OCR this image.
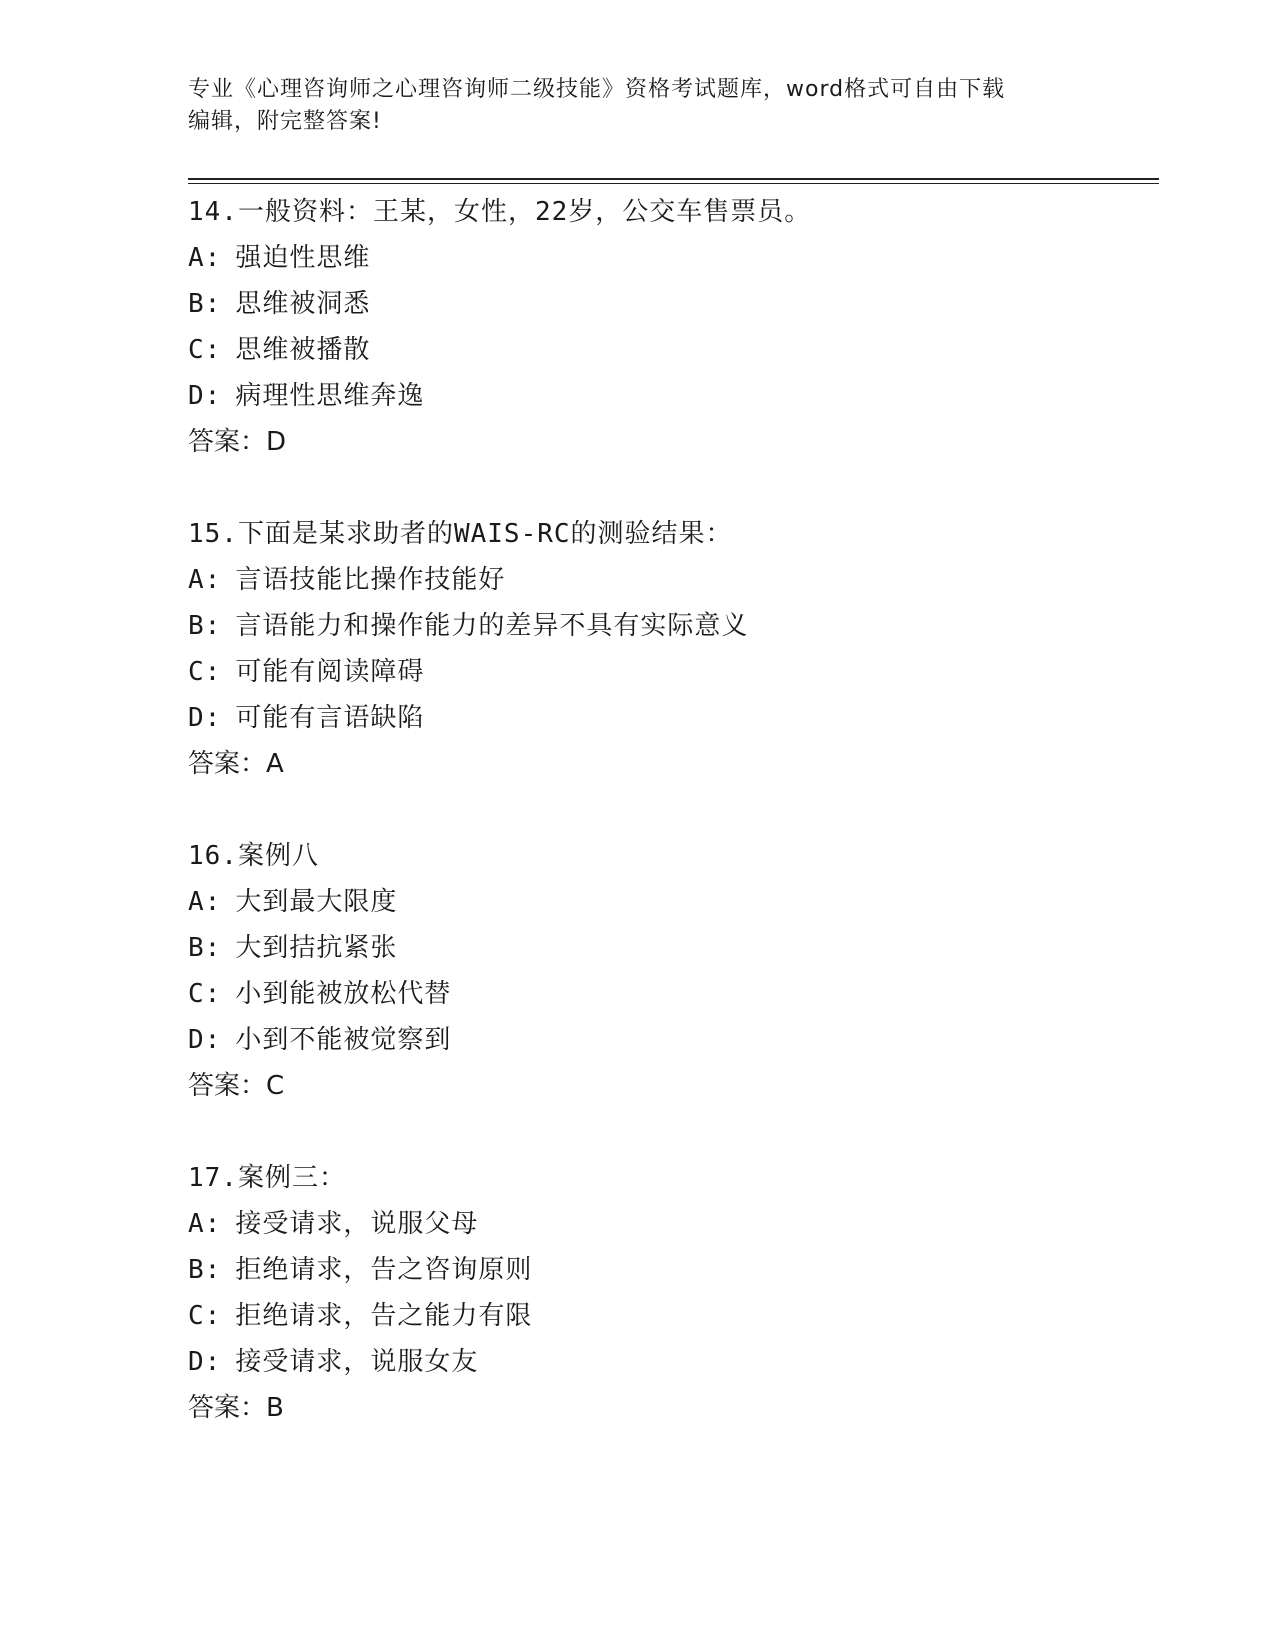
专业《心理咨询师之心理咨询师二级技能》资格考试题库，word格式可自由下载
编辑，附完整答案!
14.一般资料：王某，女性，22岁，公交车售票员。
A: 强迫性思维
B: 思维被洞悉
C: 思维被播散
D: 病理性思维奔逸
答案：D
15.下面是某求助者的WAIS-RC的测验结果：
A: 言语技能比操作技能好
B: 言语能力和操作能力的差异不具有实际意义
C: 可能有阅读障碍
D: 可能有言语缺陷
答案：A
16.案例八
A: 大到最大限度
B: 大到拮抗紧张
C: 小到能被放松代替
D: 小到不能被觉察到
答案：C
17.案例三：
A: 接受请求，说服父母
B: 拒绝请求，告之咨询原则
C: 拒绝请求，告之能力有限
D: 接受请求，说服女友
答案：B
